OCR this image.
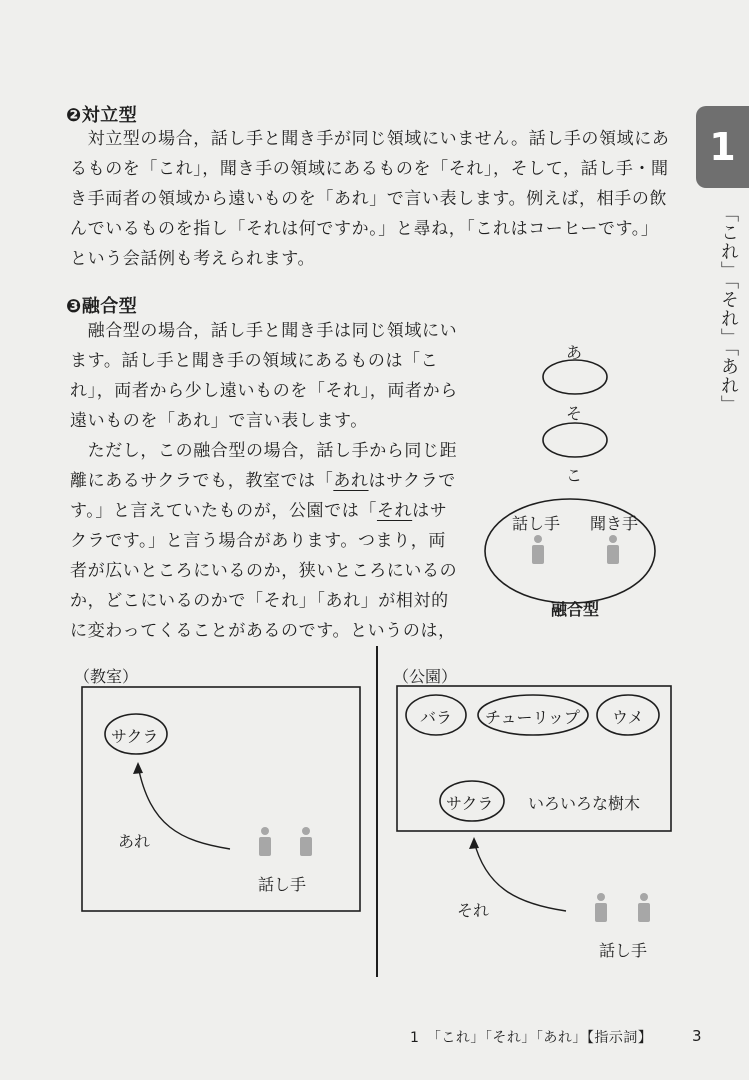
1
「これ」「それ」「あれ」
❷対立型

　対立型の場合，話し手と聞き手が同じ領域にいません。話し手の領域にあ

るものを「これ」，聞き手の領域にあるものを「それ」，そして，話し手・聞

き手両者の領域から遠いものを「あれ」で言い表します。例えば，相手の飲

んでいるものを指し「それは何ですか。」と尋ね，「これはコーヒーです。」

という会話例も考えられます。

❸融合型

　融合型の場合，話し手と聞き手は同じ領域にい

ます。話し手と聞き手の領域にあるものは「こ

れ」，両者から少し遠いものを「それ」，両者から

遠いものを「あれ」で言い表します。

　ただし，この融合型の場合，話し手から同じ距

離にあるサクラでも，教室では「あれはサクラで

す。」と言えていたものが，公園では「それはサ

クラです。」と言う場合があります。つまり，両

者が広いところにいるのか，狭いところにいるの

か，どこにいるのかで「それ」「あれ」が相対的

に変わってくることがあるのです。というのは，

あ
そ
こ
話し手 聞き手
融合型
（教室）
サクラ
あれ
話し手
（公園）
バラ チューリップ ウメ
サクラ いろいろな樹木
それ
話し手
1　「これ」「それ」「あれ」【指示詞】	3
